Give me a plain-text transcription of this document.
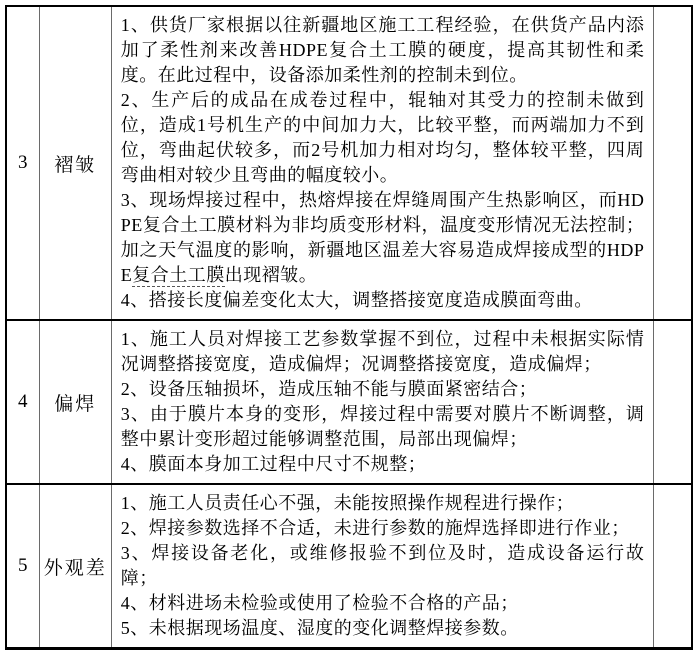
3	褶皱	1、供货厂家根据以往新疆地区施工工程经验，在供货产品内添加了柔性剂来改善HDPE复合土工膜的硬度，提高其韧性和柔度。在此过程中，设备添加柔性剂的控制未到位。

2、生产后的成品在成卷过程中，辊轴对其受力的控制未做到位，造成1号机生产的中间加力大，比较平整，而两端加力不到位，弯曲起伏较多，而2号机加力相对均匀，整体较平整，四周弯曲相对较少且弯曲的幅度较小。

3、现场焊接过程中，热熔焊接在焊缝周围产生热影响区，而HDPE复合土工膜材料为非均质变形材料，温度变形情况无法控制；加之天气温度的影响，新疆地区温差大容易造成焊接成型的HDPE复合土工膜出现褶皱。

4、搭接长度偏差变化太大，调整搭接宽度造成膜面弯曲。	

4	偏焊	1、施工人员对焊接工艺参数掌握不到位，过程中未根据实际情况调整搭接宽度，造成偏焊；况调整搭接宽度，造成偏焊；

2、设备压轴损坏，造成压轴不能与膜面紧密结合；

3、由于膜片本身的变形，焊接过程中需要对膜片不断调整，调整中累计变形超过能够调整范围，局部出现偏焊；

4、膜面本身加工过程中尺寸不规整；	

5	外观差	1、施工人员责任心不强，未能按照操作规程进行操作；

2、焊接参数选择不合适，未进行参数的施焊选择即进行作业；

3、焊接设备老化，或维修报验不到位及时，造成设备运行故障；

4、材料进场未检验或使用了检验不合格的产品；

5、未根据现场温度、湿度的变化调整焊接参数。	
